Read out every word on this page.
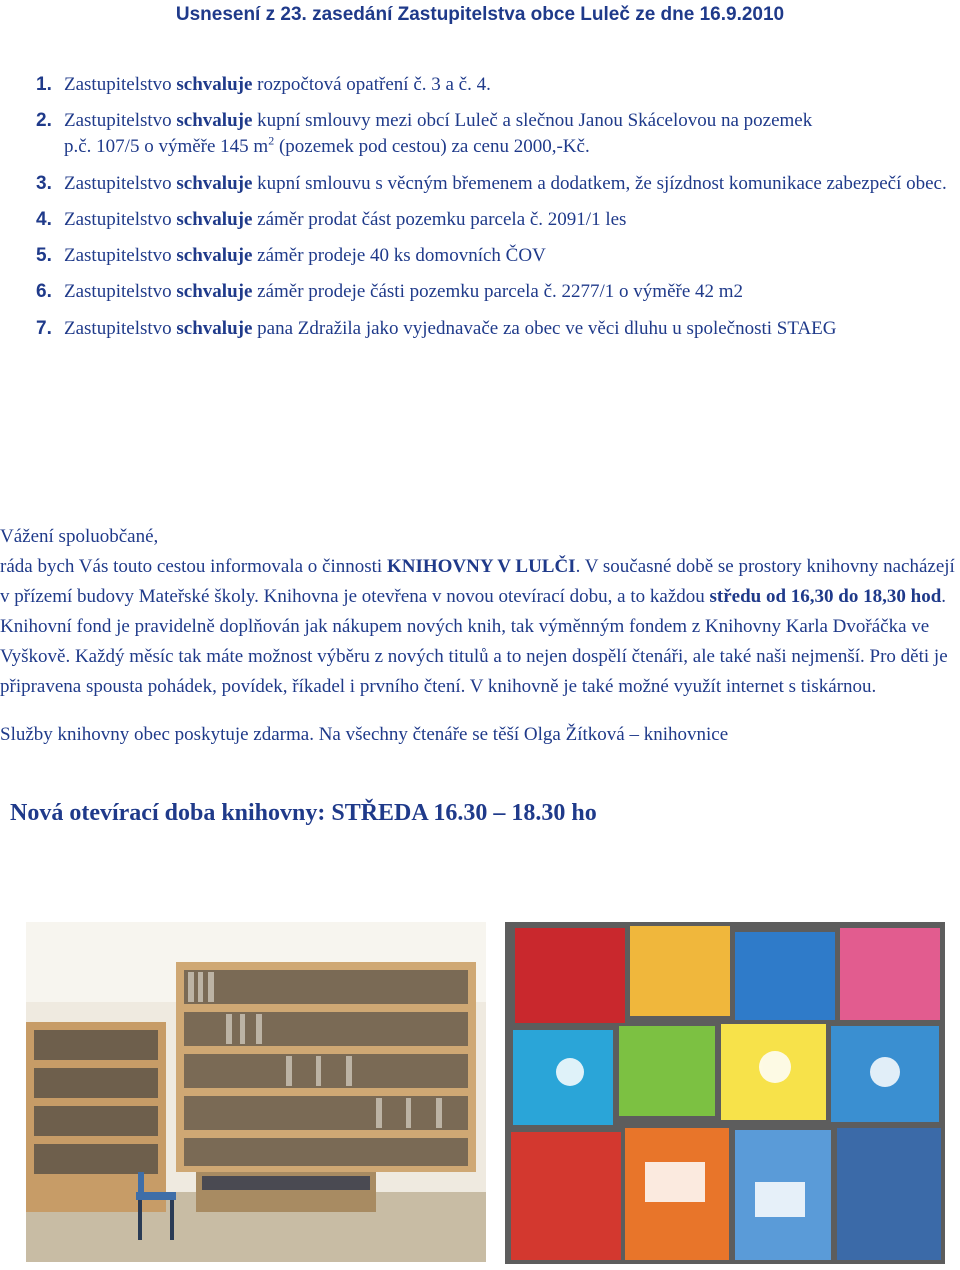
Usnesení z 23. zasedání Zastupitelstva obce Luleč ze dne 16.9.2010
1. Zastupitelstvo schvaluje rozpočtová opatření č. 3 a č. 4.
2. Zastupitelstvo schvaluje kupní smlouvy mezi obcí Luleč a slečnou Janou Skácelovou na pozemek
p.č. 107/5 o výměře 145 $m^2$ (pozemek pod cestou) za cenu 2000,-Kč.
3. Zastupitelstvo schvaluje kupní smlouvu s věcným břemenem a dodatkem, že sjízdnost komunikace zabezpečí obec.
4. Zastupitelstvo schvaluje záměr prodat část pozemku parcela č. 2091/1 les
5. Zastupitelstvo schvaluje záměr prodeje 40 ks domovních ČOV
6. Zastupitelstvo schvaluje záměr prodeje části pozemku parcela č. 2277/1 o výměře 42 m2
7. Zastupitelstvo schvaluje pana Zdražila jako vyjednavače za obec ve věci dluhu u společnosti STAEG

Vážení spoluobčané,

ráda bych Vás touto cestou informovala o činnosti KNIHOVNY V LULČI. V současné době se prostory knihovny nacházejí v přízemí budovy Mateřské školy. Knihovna je otevřena v novou otevírací dobu, a to každou středu od 16,30 do 18,30 hod. Knihovní fond je pravidelně doplňován jak nákupem nových knih, tak výměnným fondem z Knihovny Karla Dvořáčka ve Vyškově. Každý měsíc tak máte možnost výběru z nových titulů a to nejen dospělí čtenáři, ale také naši nejmenší. Pro děti je připravena spousta pohádek, povídek, říkadel i prvního čtení. V knihovně je také možné využít internet s tiskárnou.

Služby knihovny obec poskytuje zdarma. Na všechny čtenáře se těší Olga Žítková – knihovnice

Nová otevírací doba knihovny: STŘEDA 16.30 – 18.30 ho
